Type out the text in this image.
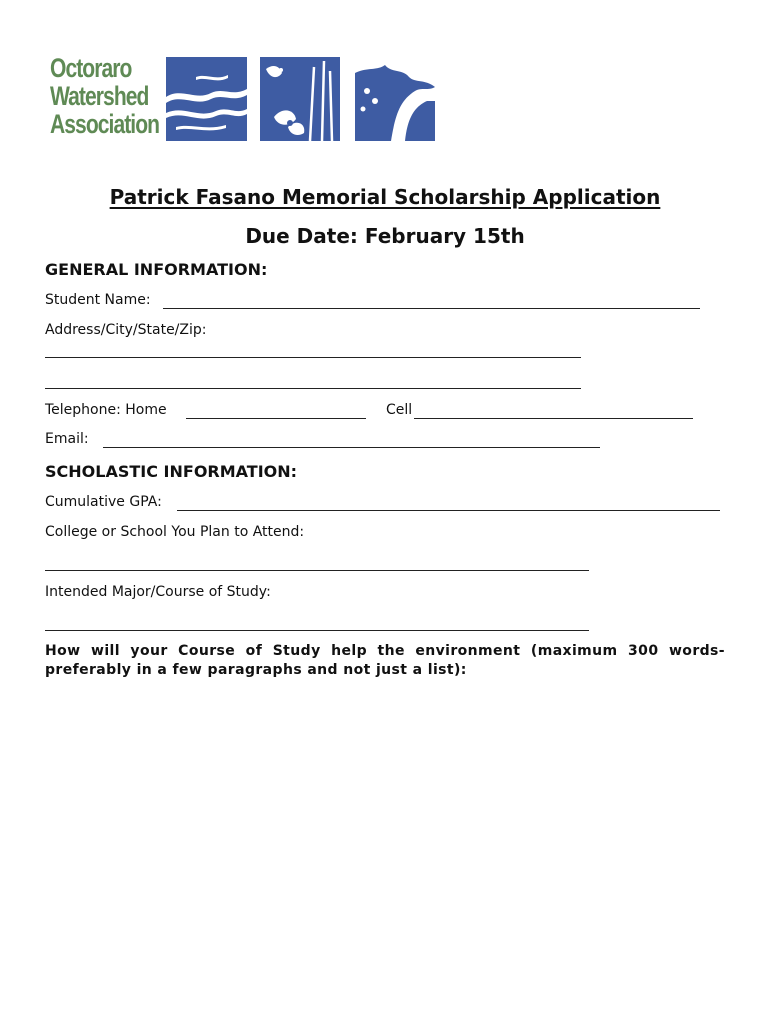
Octoraro
Watershed
Association
Patrick Fasano Memorial Scholarship Application
Due Date: February 15th
GENERAL INFORMATION:
Student Name:
Address/City/State/Zip:
Telephone: Home	Cell
Email:
SCHOLASTIC INFORMATION:
Cumulative GPA:
College or School You Plan to Attend:
Intended Major/Course of Study:
How will your Course of Study help the environment (maximum 300 words- preferably in a few paragraphs and not just a list):
